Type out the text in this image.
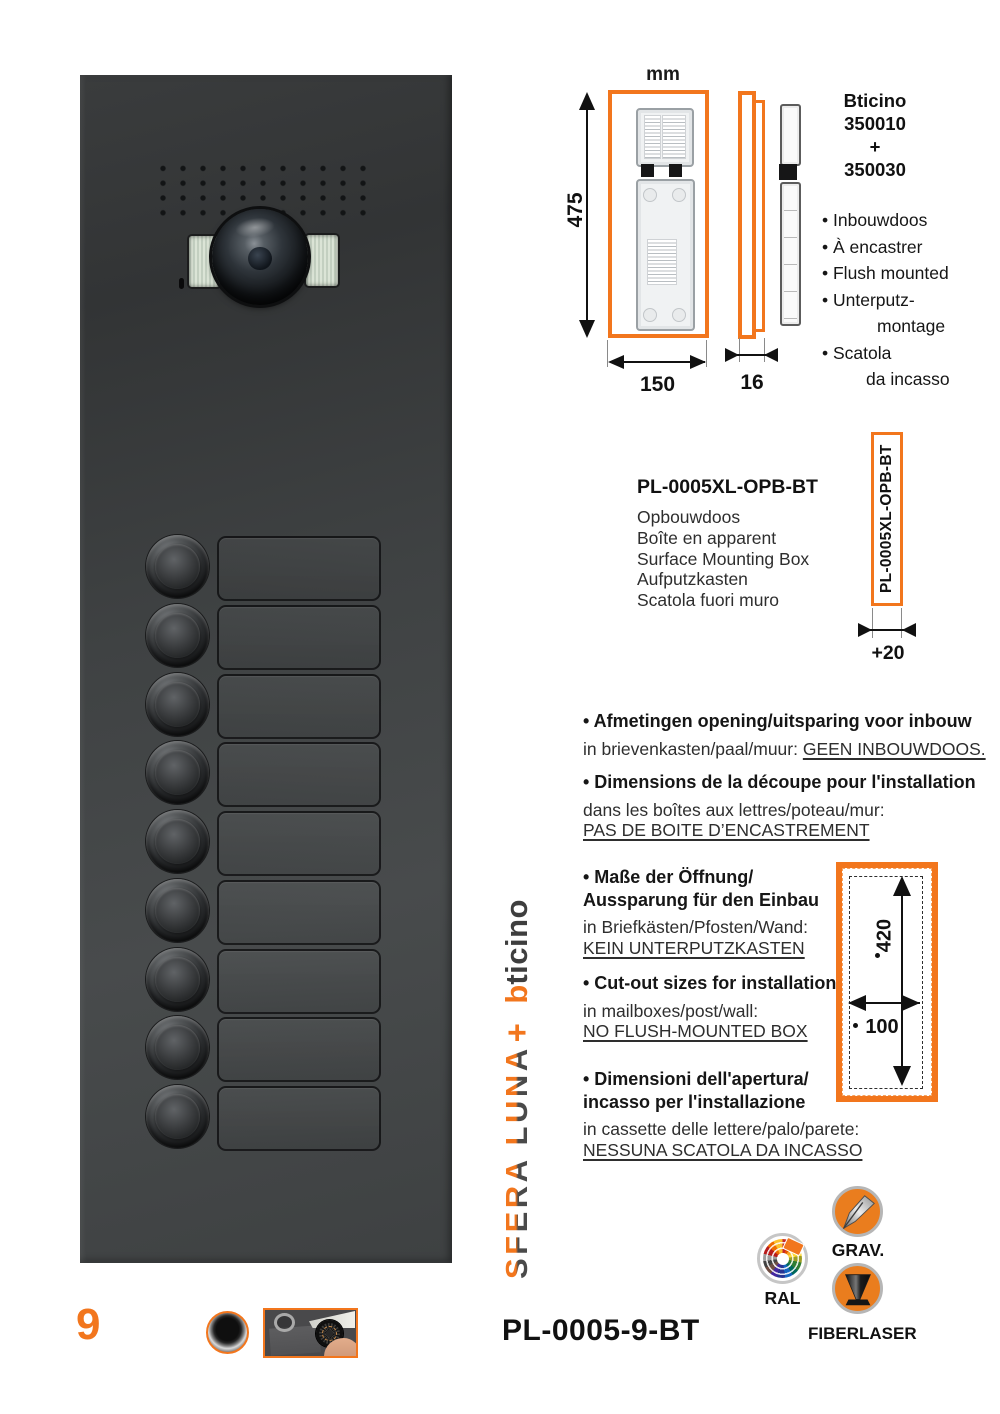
mm
475
150	16
Bticino
350010
+
350030
• Inbouwdoos
• À encastrer
• Flush mounted
• Unterputz-
montage
• Scatola
da incasso
PL-0005XL-OPB-BT
Opbouwdoos
Boîte en apparent
Surface Mounting Box
Aufputzkasten
Scatola fuori muro
PL-0005XL-OPB-BT
+20
• Afmetingen opening/uitsparing voor inbouw
in brievenkasten/paal/muur: GEEN INBOUWDOOS.
• Dimensions de la découpe pour l'installation
dans les boîtes aux lettres/poteau/mur:
PAS DE BOITE D’ENCASTREMENT
• Maße der Öffnung/
Aussparung für den Einbau
in Briefkästen/Pfosten/Wand:
KEIN UNTERPUTZKASTEN
• Cut-out sizes for installation
in mailboxes/post/wall:
NO FLUSH-MOUNTED BOX
• Dimensioni dell'apertura/
incasso per l'installazione
in cassette delle lettere/palo/parete:
NESSUNA SCATOLA DA INCASSO
420
100
SFERA LUNA
+
b
ticino
9	PL-0005-9-BT
GRAV.
RAL
FIBERLASER
